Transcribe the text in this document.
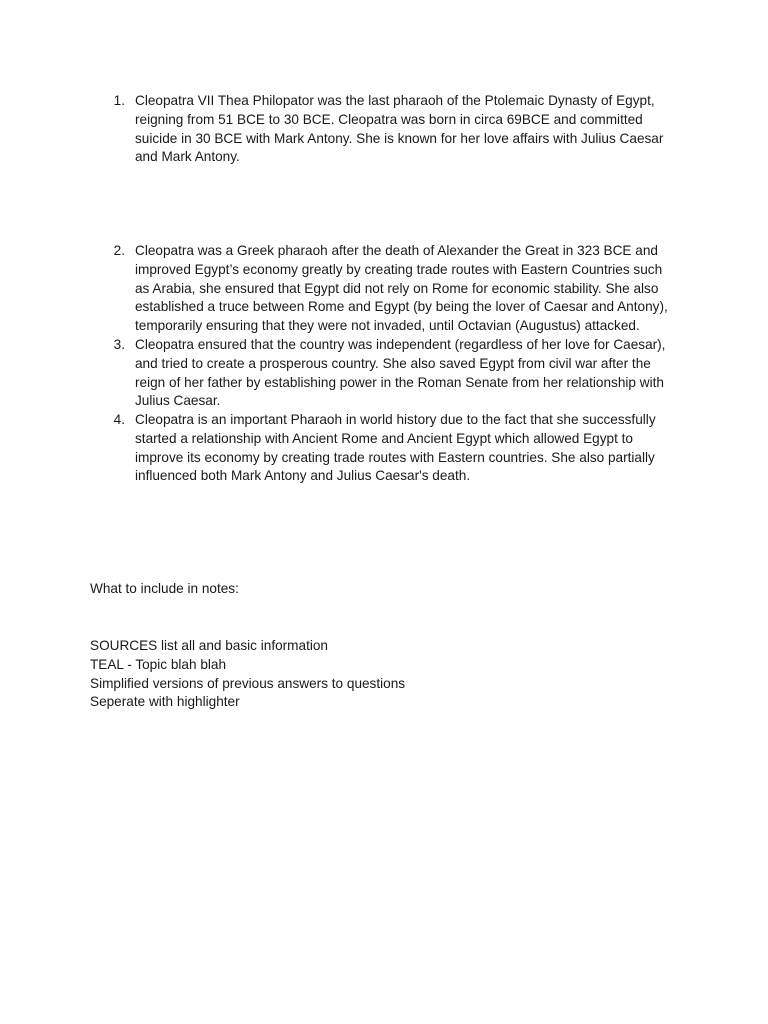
1. Cleopatra VII Thea Philopator was the last pharaoh of the Ptolemaic Dynasty of Egypt,
reigning from 51 BCE to 30 BCE. Cleopatra was born in circa 69BCE and committed
suicide in 30 BCE with Mark Antony. She is known for her love affairs with Julius Caesar
and Mark Antony.
2. Cleopatra was a Greek pharaoh after the death of Alexander the Great in 323 BCE and
improved Egypt’s economy greatly by creating trade routes with Eastern Countries such
as Arabia, she ensured that Egypt did not rely on Rome for economic stability. She also
established a truce between Rome and Egypt (by being the lover of Caesar and Antony),
temporarily ensuring that they were not invaded, until Octavian (Augustus) attacked.
3. Cleopatra ensured that the country was independent (regardless of her love for Caesar),
and tried to create a prosperous country. She also saved Egypt from civil war after the
reign of her father by establishing power in the Roman Senate from her relationship with
Julius Caesar.
4. Cleopatra is an important Pharaoh in world history due to the fact that she successfully
started a relationship with Ancient Rome and Ancient Egypt which allowed Egypt to
improve its economy by creating trade routes with Eastern countries. She also partially
influenced both Mark Antony and Julius Caesar's death.
What to include in notes:
SOURCES list all and basic information
TEAL - Topic blah blah
Simplified versions of previous answers to questions
Seperate with highlighter
